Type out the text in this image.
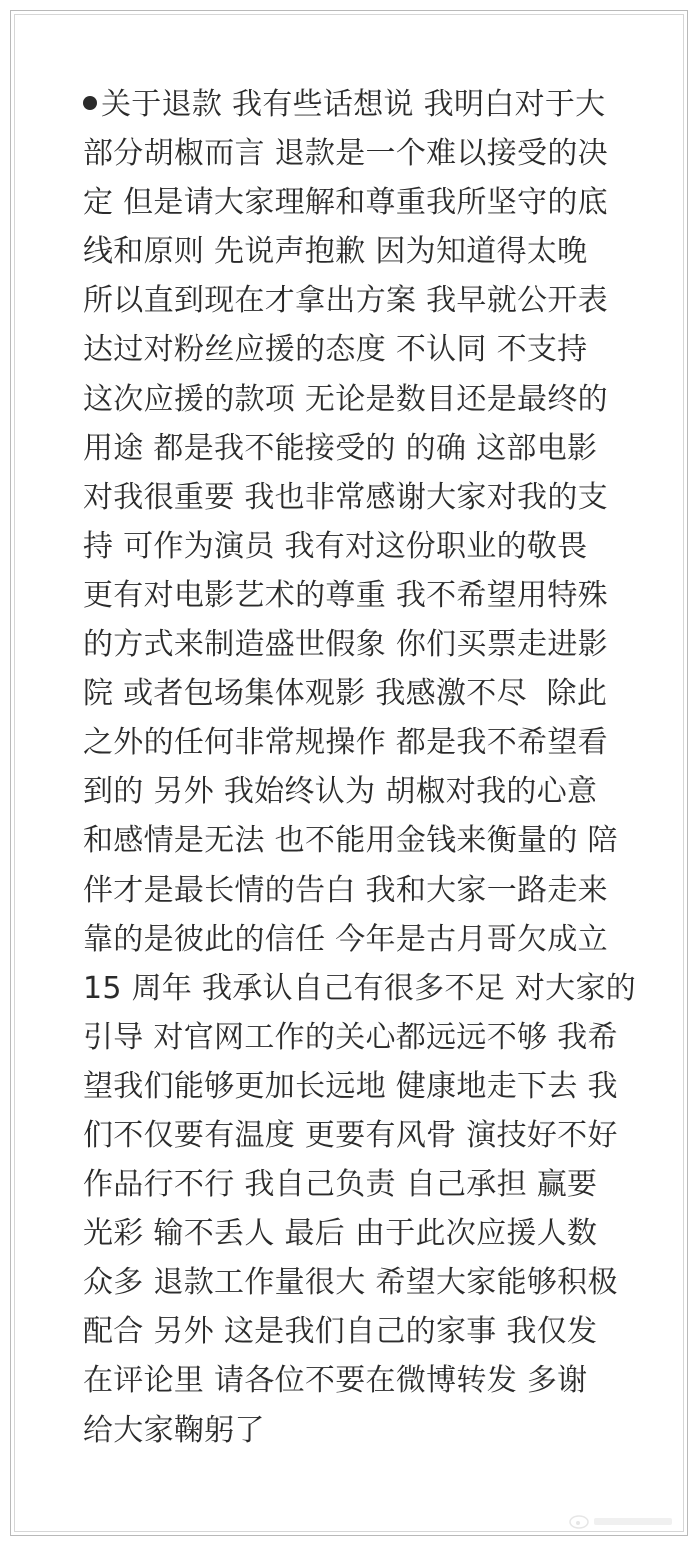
关于退款 我有些话想说 我明白对于大
部分胡椒而言 退款是一个难以接受的决
定 但是请大家理解和尊重我所坚守的底
线和原则 先说声抱歉 因为知道得太晚
所以直到现在才拿出方案 我早就公开表
达过对粉丝应援的态度 不认同 不支持
这次应援的款项 无论是数目还是最终的
用途 都是我不能接受的 的确 这部电影
对我很重要 我也非常感谢大家对我的支
持 可作为演员 我有对这份职业的敬畏
更有对电影艺术的尊重 我不希望用特殊
的方式来制造盛世假象 你们买票走进影
院 或者包场集体观影 我感激不尽  除此
之外的任何非常规操作 都是我不希望看
到的 另外 我始终认为 胡椒对我的心意
和感情是无法 也不能用金钱来衡量的 陪
伴才是最长情的告白 我和大家一路走来
靠的是彼此的信任 今年是古月哥欠成立
15 周年 我承认自己有很多不足 对大家的
引导 对官网工作的关心都远远不够 我希
望我们能够更加长远地 健康地走下去 我
们不仅要有温度 更要有风骨 演技好不好
作品行不行 我自己负责 自己承担 赢要
光彩 输不丢人 最后 由于此次应援人数
众多 退款工作量很大 希望大家能够积极
配合 另外 这是我们自己的家事 我仅发
在评论里 请各位不要在微博转发 多谢
给大家鞠躬了
